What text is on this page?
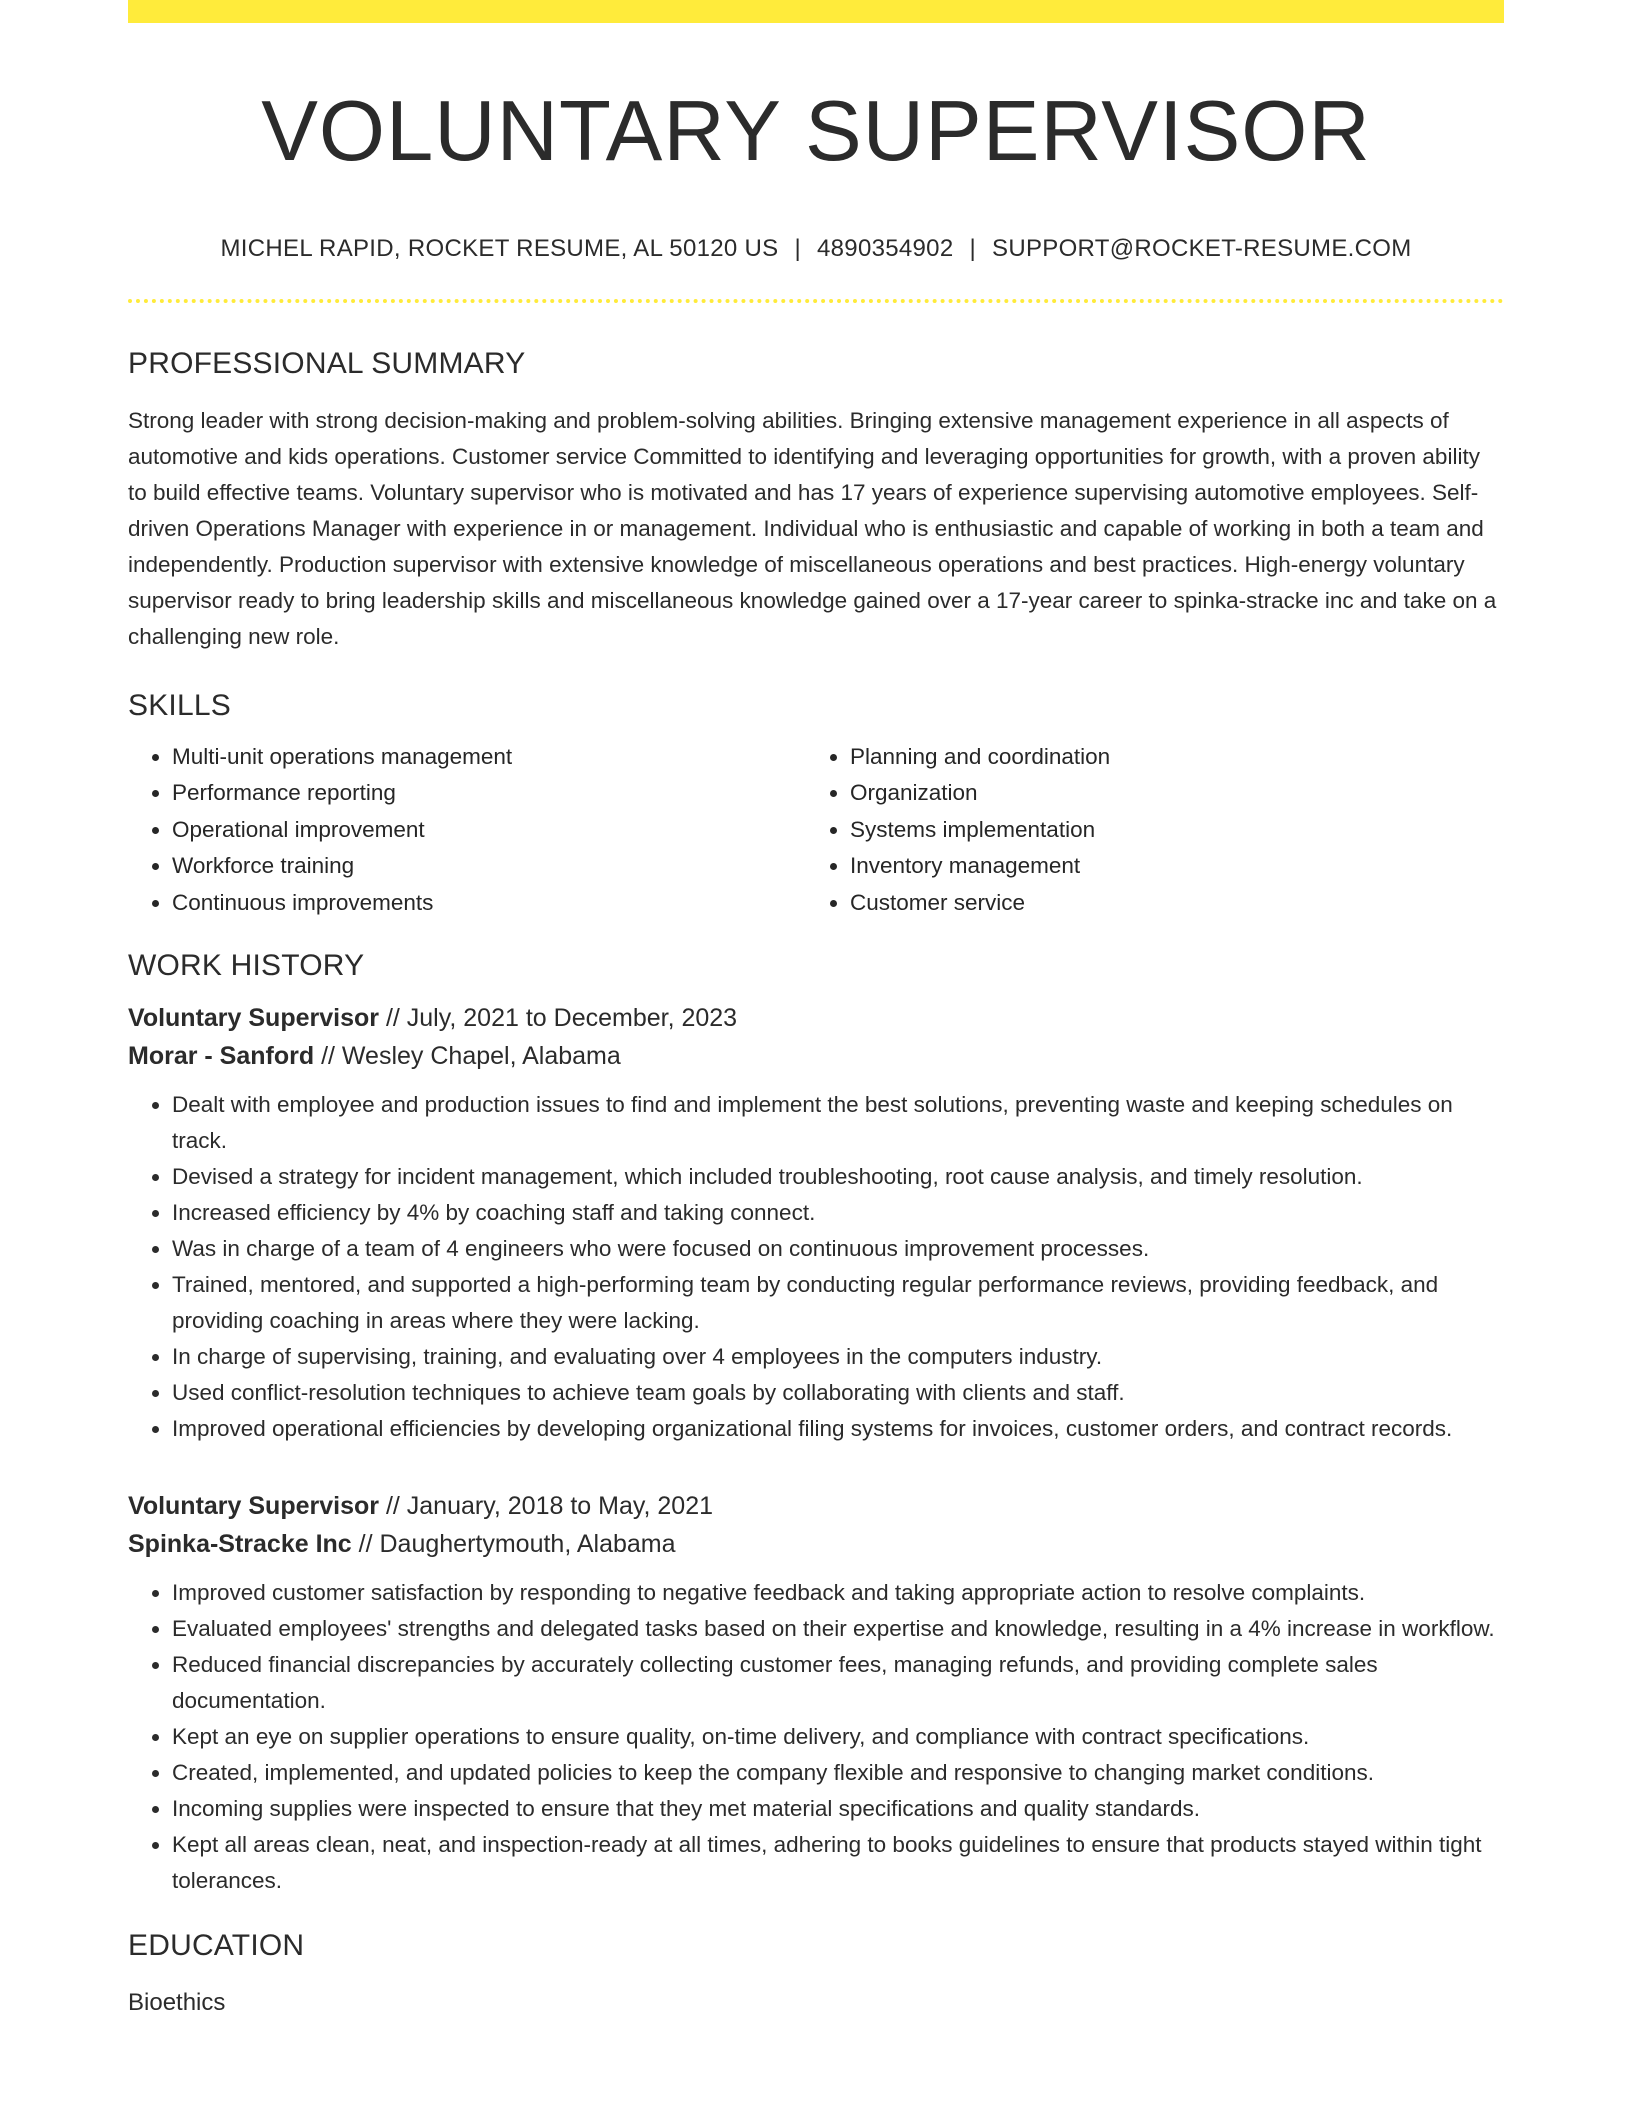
VOLUNTARY SUPERVISOR
MICHEL RAPID, ROCKET RESUME, AL 50120 US | 4890354902 | SUPPORT@ROCKET-RESUME.COM
PROFESSIONAL SUMMARY

Strong leader with strong decision-making and problem-solving abilities. Bringing extensive management experience in all aspects of automotive and kids operations. Customer service Committed to identifying and leveraging opportunities for growth, with a proven ability to build effective teams. Voluntary supervisor who is motivated and has 17 years of experience supervising automotive employees. Self-driven Operations Manager with experience in or management. Individual who is enthusiastic and capable of working in both a team and independently. Production supervisor with extensive knowledge of miscellaneous operations and best practices. High-energy voluntary supervisor ready to bring leadership skills and miscellaneous knowledge gained over a 17-year career to spinka-stracke inc and take on a challenging new role.

SKILLS
• Multi-unit operations management
• Performance reporting
• Operational improvement
• Workforce training
• Continuous improvements
• Planning and coordination
• Organization
• Systems implementation
• Inventory management
• Customer service
WORK HISTORY
Voluntary Supervisor // July, 2021 to December, 2023
Morar - Sanford // Wesley Chapel, Alabama
• Dealt with employee and production issues to find and implement the best solutions, preventing waste and keeping schedules on track.
• Devised a strategy for incident management, which included troubleshooting, root cause analysis, and timely resolution.
• Increased efficiency by 4% by coaching staff and taking connect.
• Was in charge of a team of 4 engineers who were focused on continuous improvement processes.
• Trained, mentored, and supported a high-performing team by conducting regular performance reviews, providing feedback, and providing coaching in areas where they were lacking.
• In charge of supervising, training, and evaluating over 4 employees in the computers industry.
• Used conflict-resolution techniques to achieve team goals by collaborating with clients and staff.
• Improved operational efficiencies by developing organizational filing systems for invoices, customer orders, and contract records.
Voluntary Supervisor // January, 2018 to May, 2021
Spinka-Stracke Inc // Daughertymouth, Alabama
• Improved customer satisfaction by responding to negative feedback and taking appropriate action to resolve complaints.
• Evaluated employees' strengths and delegated tasks based on their expertise and knowledge, resulting in a 4% increase in workflow.
• Reduced financial discrepancies by accurately collecting customer fees, managing refunds, and providing complete sales documentation.
• Kept an eye on supplier operations to ensure quality, on-time delivery, and compliance with contract specifications.
• Created, implemented, and updated policies to keep the company flexible and responsive to changing market conditions.
• Incoming supplies were inspected to ensure that they met material specifications and quality standards.
• Kept all areas clean, neat, and inspection-ready at all times, adhering to books guidelines to ensure that products stayed within tight tolerances.
EDUCATION
Bioethics
